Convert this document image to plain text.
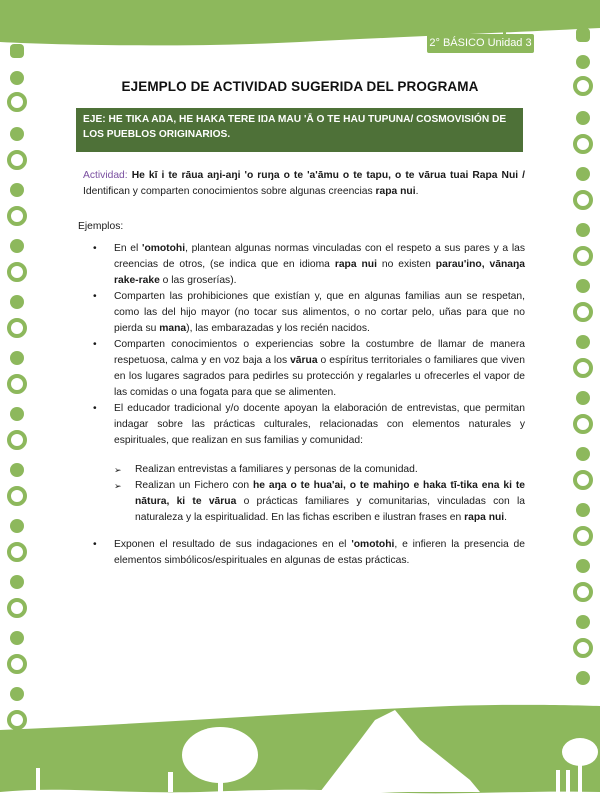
2° BÁSICO Unidad 3
EJEMPLO DE ACTIVIDAD SUGERIDA DEL PROGRAMA
EJE: HE TIKA AŊA, HE HAKA TERE IŊA MAU 'Ā O TE HAU TUPUNA/ COSMOVISIÓN DE LOS PUEBLOS ORIGINARIOS.
Actividad: He kī i te rāua aŋi-aŋi 'o ruŋa o te 'a'āmu o te tapu, o te vārua tuai Rapa Nui / Identifican y comparten conocimientos sobre algunas creencias rapa nui.
Ejemplos:
• En el 'omotohi, plantean algunas normas vinculadas con el respeto a sus pares y a las creencias de otros, (se indica que en idioma rapa nui no existen parau'ino, vānaŋa rake-rake o las groserías).
• Comparten las prohibiciones que existían y, que en algunas familias aun se respetan, como las del hijo mayor (no tocar sus alimentos, o no cortar pelo, uñas para que no pierda su mana), las embarazadas y los recién nacidos.
• Comparten conocimientos o experiencias sobre la costumbre de llamar de manera respetuosa, calma y en voz baja a los vārua o espíritus territoriales o familiares que viven en los lugares sagrados para pedirles su protección y regalarles u ofrecerles el vapor de las comidas o una fogata para que se alimenten.
• El educador tradicional y/o docente apoyan la elaboración de entrevistas, que permitan indagar sobre las prácticas culturales, relacionadas con elementos naturales y espirituales, que realizan en sus familias y comunidad:
➢ Realizan entrevistas a familiares y personas de la comunidad.
➢ Realizan un Fichero con he aŋa o te hua'ai, o te mahiŋo e haka tī-tika ena ki te nātura, ki te vārua o prácticas familiares y comunitarias, vinculadas con la naturaleza y la espiritualidad. En las fichas escriben e ilustran frases en rapa nui.
• Exponen el resultado de sus indagaciones en el 'omotohi, e infieren la presencia de elementos simbólicos/espirituales en algunas de estas prácticas.
